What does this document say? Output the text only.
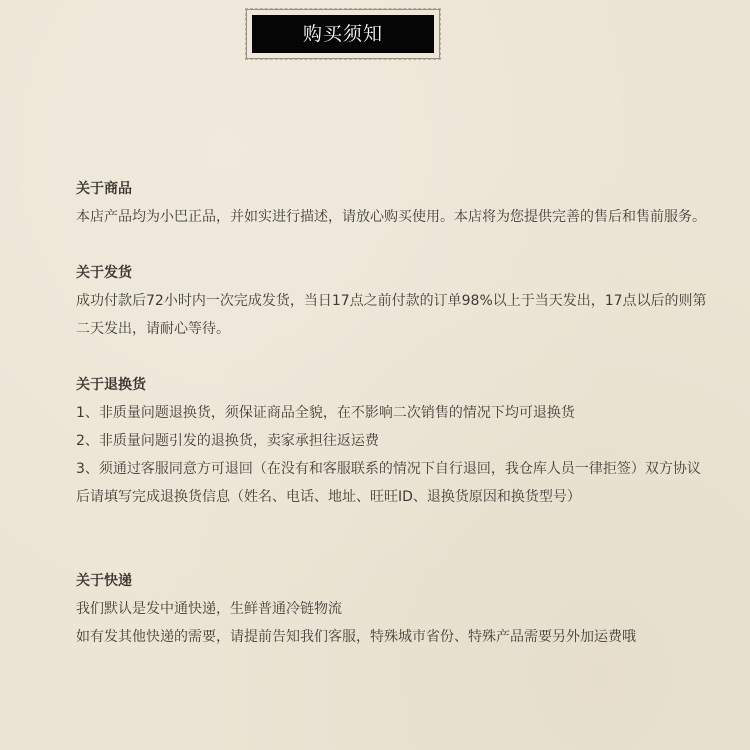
购买须知
关于商品
本店产品均为小巴正品，并如实进行描述，请放心购买使用。本店将为您提供完善的售后和售前服务。
关于发货
成功付款后72小时内一次完成发货，当日17点之前付款的订单98%以上于当天发出，17点以后的则第
二天发出，请耐心等待。
关于退换货
1、非质量问题退换货，须保证商品全貌，在不影响二次销售的情况下均可退换货
2、非质量问题引发的退换货，卖家承担往返运费
3、须通过客服同意方可退回（在没有和客服联系的情况下自行退回，我仓库人员一律拒签）双方协议
后请填写完成退换货信息（姓名、电话、地址、旺旺ID、退换货原因和换货型号）
关于快递
我们默认是发中通快递，生鲜普通冷链物流
如有发其他快递的需要，请提前告知我们客服，特殊城市省份、特殊产品需要另外加运费哦
